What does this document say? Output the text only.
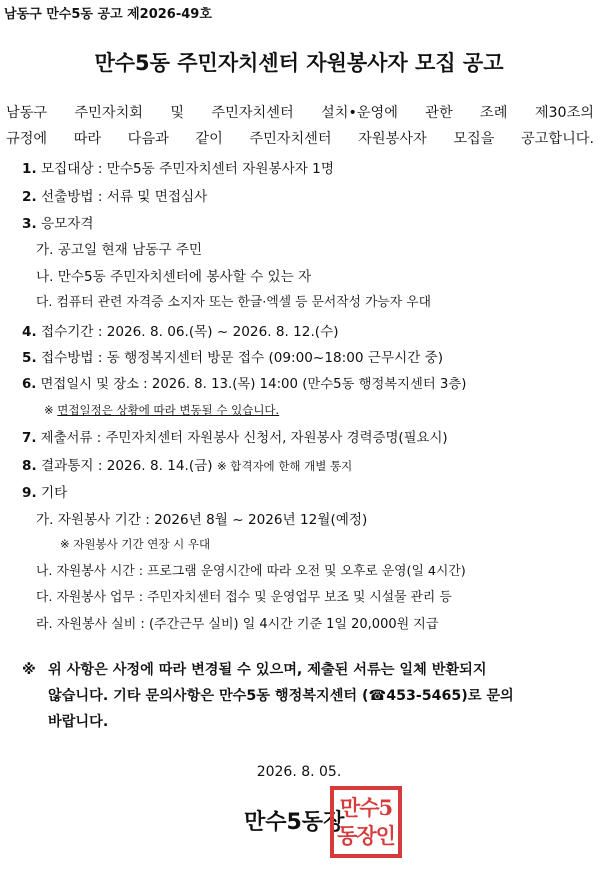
남동구 만수5동 공고 제2026-49호
만수5동 주민자치센터 자원봉사자 모집 공고
남동구 주민자치회 및 주민자치센터 설치•운영에 관한 조례 제30조의
규정에 따라 다음과 같이 주민자치센터 자원봉사자 모집을 공고합니다.
1. 모집대상 : 만수5동 주민자치센터 자원봉사자 1명
2. 선출방법 : 서류 및 면접심사
3. 응모자격
가. 공고일 현재 남동구 주민
나. 만수5동 주민자치센터에 봉사할 수 있는 자
다. 컴퓨터 관련 자격증 소지자 또는 한글·엑셀 등 문서작성 가능자 우대
4. 접수기간 : 2026. 8. 06.(목) ~ 2026. 8. 12.(수)
5. 접수방법 : 동 행정복지센터 방문 접수 (09:00~18:00 근무시간 중)
6. 면접일시 및 장소 : 2026. 8. 13.(목) 14:00 (만수5동 행정복지센터 3층)
※ 면접일정은 상황에 따라 변동될 수 있습니다.
7. 제출서류 : 주민자치센터 자원봉사 신청서, 자원봉사 경력증명(필요시)
8. 결과통지 : 2026. 8. 14.(금) ※ 합격자에 한해 개별 통지
9. 기타
가. 자원봉사 기간 : 2026년 8월 ~ 2026년 12월(예정)
※ 자원봉사 기간 연장 시 우대
나. 자원봉사 시간 : 프로그램 운영시간에 따라 오전 및 오후로 운영(일 4시간)
다. 자원봉사 업무 : 주민자치센터 접수 및 운영업무 보조 및 시설물 관리 등
라. 자원봉사 실비 : (주간근무 실비) 일 4시간 기준 1일 20,000원 지급
※ 위 사항은 사정에 따라 변경될 수 있으며, 제출된 서류는 일체 반환되지
않습니다. 기타 문의사항은 만수5동 행정복지센터 (☎453-5465)로 문의
바랍니다.
2026. 8. 05.
만수5동장
만수5
동장인
